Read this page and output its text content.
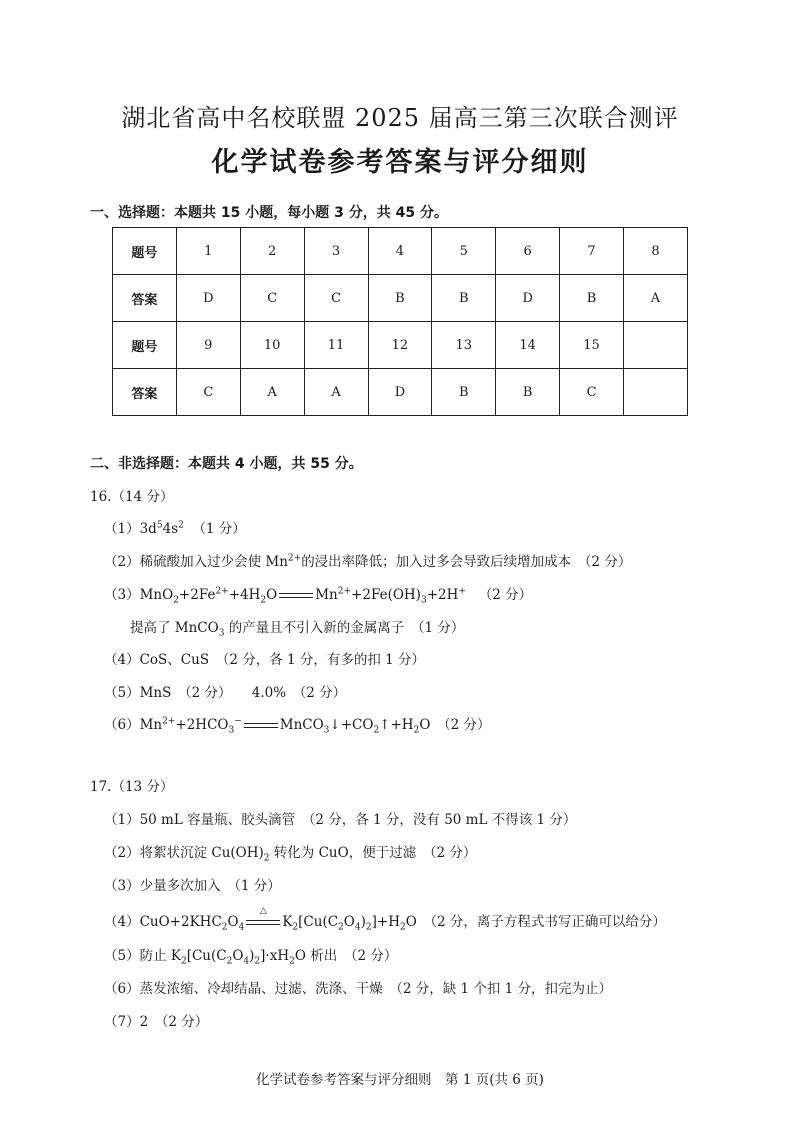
湖北省高中名校联盟 2025 届高三第三次联合测评
化学试卷参考答案与评分细则
一、选择题：本题共 15 小题，每小题 3 分，共 45 分。
题号	1	2	3	4	5	6	7	8
答案	D	C	C	B	B	D	B	A
题号	9	10	11	12	13	14	15	
答案	C	A	A	D	B	B	C	
二、非选择题：本题共 4 小题，共 55 分。
16.（14 分）
$(1)3d^54s^2$ （1 分）
（2）稀硫酸加入过少会使 $Mn^{2+}$的浸出率降低；加入过多会导致后续增加成本　（2 分）
$(3)MnO_2+2Fe^{2+}+4H_2O$	$Mn^{2+}+2Fe(OH)_3+2H^+$ （2 分）
提高了 MnCO$_3$ 的产量且不引入新的金属离子　（1 分）
（4）CoS、CuS　（2 分，各 1 分，有多的扣 1 分）
（5）MnS　（2 分）　　4.0%　（2 分）
$(6)Mn^{2+}+2HCO_3^-$	$MnCO_3↓+CO_2↑+H_2O$　（2 分）
17.（13 分）
（1）50 mL 容量瓶、胶头滴管　（2 分，各 1 分，没有 50 mL 不得该 1 分）
（2）将絮状沉淀 $Cu(OH)_2$ 转化为 CuO，便于过滤　（2 分）
（3）少量多次加入　（1 分）
$(4)CuO+2KHC_2O_4$
△
$K_2[Cu(C_2O_4)_2]+H_2O$　（2 分，离子方程式书写正确可以给分）
（5）防止 $K_2[Cu(C_2O_4)_2]\cdot xH_2O$ 析出　（2 分）
（6）蒸发浓缩、冷却结晶、过滤、洗涤、干燥　（2 分，缺 1 个扣 1 分，扣完为止）
（7）2　（2 分）
化学试卷参考答案与评分细则　第 1 页(共 6 页)
